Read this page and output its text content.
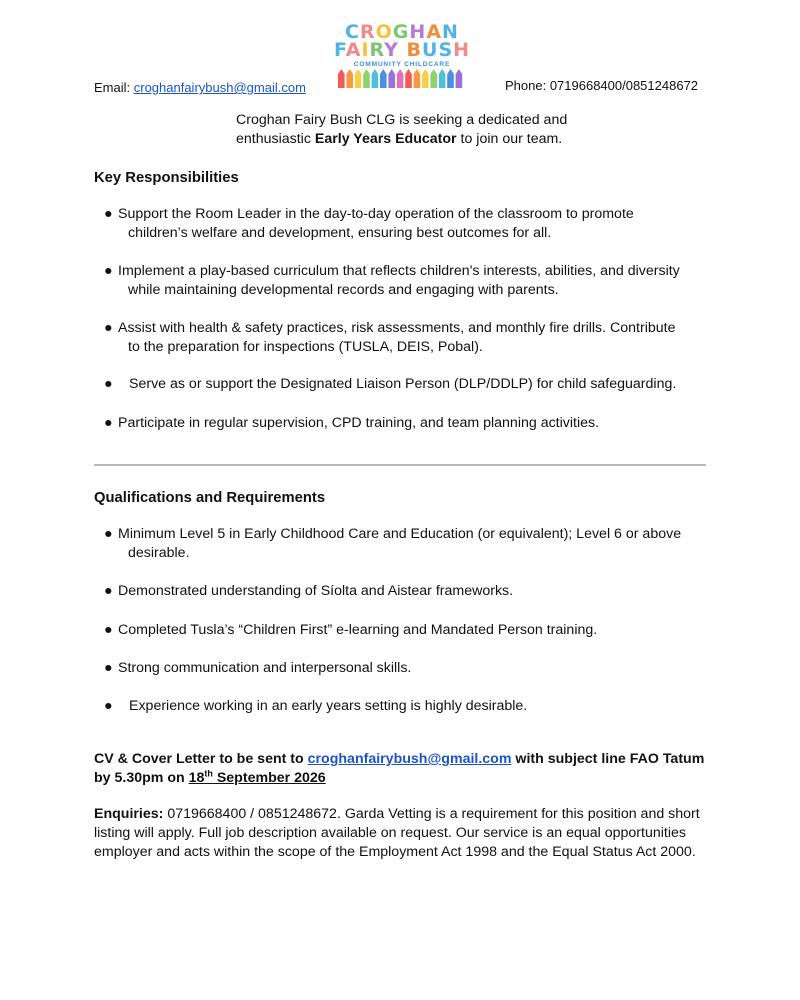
Email: croghanfairybush@gmail.com
CROGHAN
FAIRY BUSH
COMMUNITY CHILDCARE
Phone: 0719668400/0851248672
Croghan Fairy Bush CLG is seeking a dedicated and enthusiastic Early Years Educator to join our team.
Key Responsibilities
● Support the Room Leader in the day-to-day operation of the classroom to promote
children’s welfare and development, ensuring best outcomes for all.
● Implement a play-based curriculum that reflects children's interests, abilities, and diversity
while maintaining developmental records and engaging with parents.
● Assist with health & safety practices, risk assessments, and monthly fire drills. Contribute
to the preparation for inspections (TUSLA, DEIS, Pobal).
● Serve as or support the Designated Liaison Person (DLP/DDLP) for child safeguarding.
● Participate in regular supervision, CPD training, and team planning activities.
Qualifications and Requirements
● Minimum Level 5 in Early Childhood Care and Education (or equivalent); Level 6 or above
desirable.
● Demonstrated understanding of Síolta and Aistear frameworks.
● Completed Tusla’s “Children First” e-learning and Mandated Person training.
● Strong communication and interpersonal skills.
● Experience working in an early years setting is highly desirable.
CV & Cover Letter to be sent to croghanfairybush@gmail.com with subject line FAO Tatum by 5.30pm on 18th September 2026
Enquiries: 0719668400 / 0851248672. Garda Vetting is a requirement for this position and short listing will apply. Full job description available on request. Our service is an equal opportunities employer and acts within the scope of the Employment Act 1998 and the Equal Status Act 2000.
